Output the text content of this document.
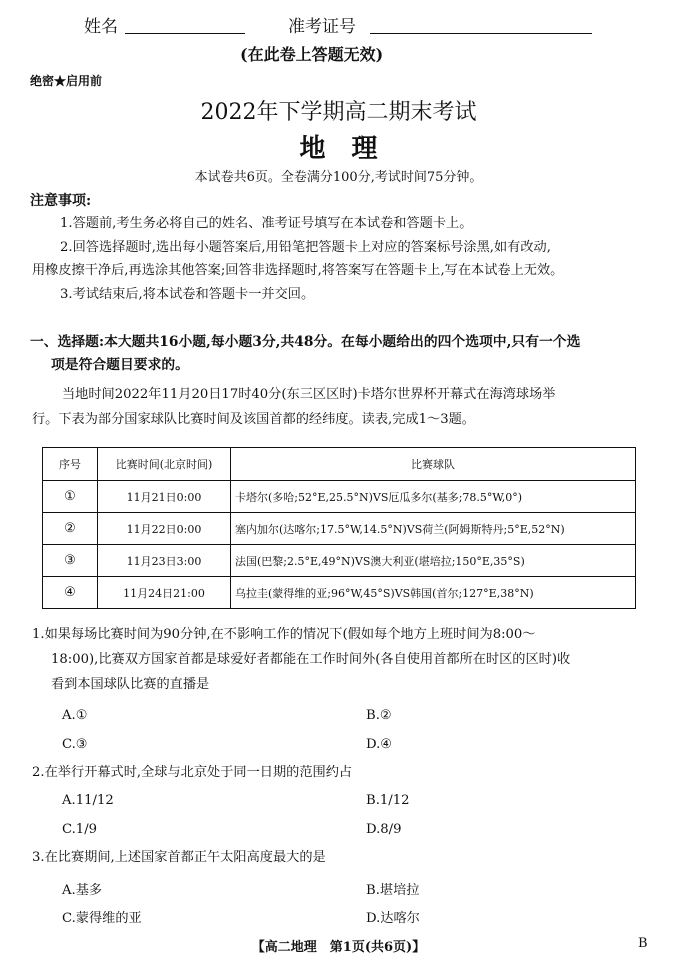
姓名	准考证号
(在此卷上答题无效)
绝密★启用前
2022年下学期高二期末考试
地　理
本试卷共6页。全卷满分100分,考试时间75分钟。
注意事项:
1.答题前,考生务必将自己的姓名、准考证号填写在本试卷和答题卡上。
2.回答选择题时,选出每小题答案后,用铅笔把答题卡上对应的答案标号涂黑,如有改动,
用橡皮擦干净后,再选涂其他答案;回答非选择题时,将答案写在答题卡上,写在本试卷上无效。
3.考试结束后,将本试卷和答题卡一并交回。
一、选择题:本大题共16小题,每小题3分,共48分。在每小题给出的四个选项中,只有一个选
项是符合题目要求的。
当地时间2022年11月20日17时40分(东三区区时)卡塔尔世界杯开幕式在海湾球场举
行。下表为部分国家球队比赛时间及该国首都的经纬度。读表,完成1～3题。
序号	比赛时间(北京时间)	比赛球队
①	11月21日0:00	卡塔尔(多哈;52°E,25.5°N)VS厄瓜多尔(基多;78.5°W,0°)
②	11月22日0:00	塞内加尔(达喀尔;17.5°W,14.5°N)VS荷兰(阿姆斯特丹;5°E,52°N)
③	11月23日3:00	法国(巴黎;2.5°E,49°N)VS澳大利亚(堪培拉;150°E,35°S)
④	11月24日21:00	乌拉圭(蒙得维的亚;96°W,45°S)VS韩国(首尔;127°E,38°N)
1.如果每场比赛时间为90分钟,在不影响工作的情况下(假如每个地方上班时间为8:00～
18:00),比赛双方国家首都是球爱好者都能在工作时间外(各自使用首都所在时区的区时)收
看到本国球队比赛的直播是
A.①	B.②
C.③	D.④
2.在举行开幕式时,全球与北京处于同一日期的范围约占
A.11/12	B.1/12
C.1/9	D.8/9
3.在比赛期间,上述国家首都正午太阳高度最大的是
A.基多	B.堪培拉
C.蒙得维的亚	D.达喀尔
【高二地理　第1页(共6页)】	B
